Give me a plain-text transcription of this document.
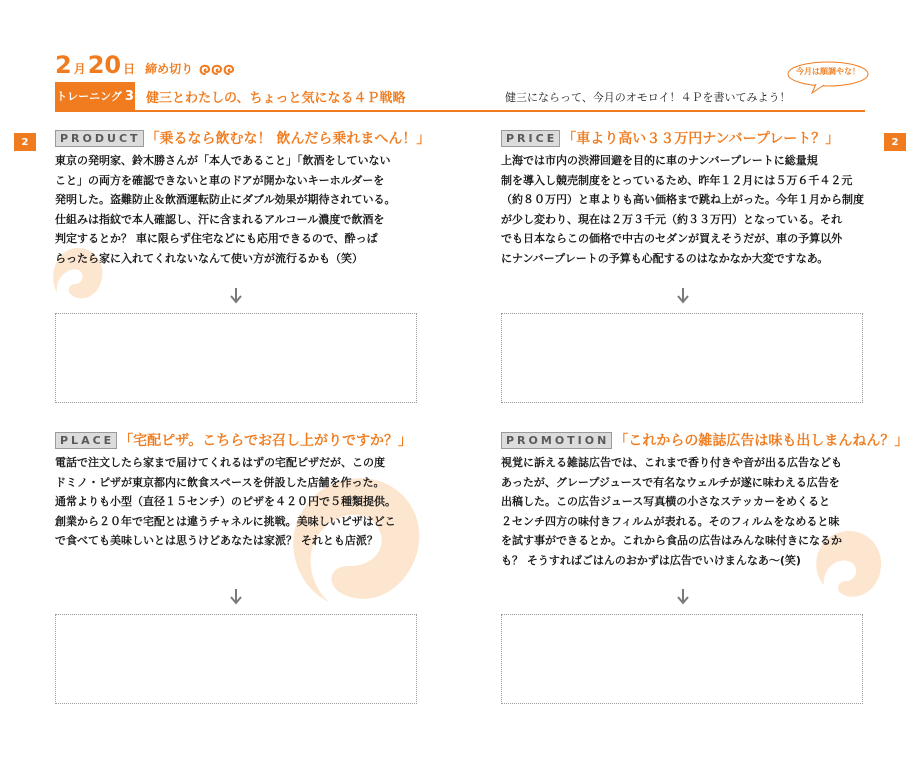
2 月 20 日 締め切り	今月は順調やな！
トレーニング 3 健三とわたしの、ちょっと気になる４Ｐ戦略	健三にならって、今月のオモロイ！４Ｐを書いてみよう！
2	2
PRODUCT 「乗るなら飲むな！ 飲んだら乗れまへん！」
東京の発明家、鈴木勝さんが「本人であること」「飲酒をしていない
こと」の両方を確認できないと車のドアが開かないキーホルダーを
発明した。盗難防止＆飲酒運転防止にダブル効果が期待されている。
仕組みは指紋で本人確認し、汗に含まれるアルコール濃度で飲酒を
判定するとか？ 車に限らず住宅などにも応用できるので、酔っぱ
らったら家に入れてくれないなんて使い方が流行るかも（笑）
PRICE 「車より高い３３万円ナンバープレート？」
上海では市内の渋滞回避を目的に車のナンバープレートに総量規
制を導入し競売制度をとっているため、昨年１２月には５万６千４２元
（約８０万円）と車よりも高い価格まで跳ね上がった。今年１月から制度
が少し変わり、現在は２万３千元（約３３万円）となっている。それ
でも日本ならこの価格で中古のセダンが買えそうだが、車の予算以外
にナンバープレートの予算も心配するのはなかなか大変ですなあ。
PLACE 「宅配ピザ。こちらでお召し上がりですか？」
電話で注文したら家まで届けてくれるはずの宅配ピザだが、この度
ドミノ・ピザが東京都内に飲食スペースを併設した店舗を作った。
通常よりも小型（直径１５センチ）のピザを４２０円で５種類提供。
創業から２０年で宅配とは違うチャネルに挑戦。美味しいピザはどこ
で食べても美味しいとは思うけどあなたは家派？ それとも店派？
PROMOTION 「これからの雑誌広告は味も出しまんねん？」
視覚に訴える雑誌広告では、これまで香り付きや音が出る広告なども
あったが、グレープジュースで有名なウェルチが遂に味わえる広告を
出稿した。この広告ジュース写真横の小さなステッカーをめくると
２センチ四方の味付きフィルムが表れる。そのフィルムをなめると味
を試す事ができるとか。これから食品の広告はみんな味付きになるか
も？ そうすればごはんのおかずは広告でいけまんなあ〜(笑)
